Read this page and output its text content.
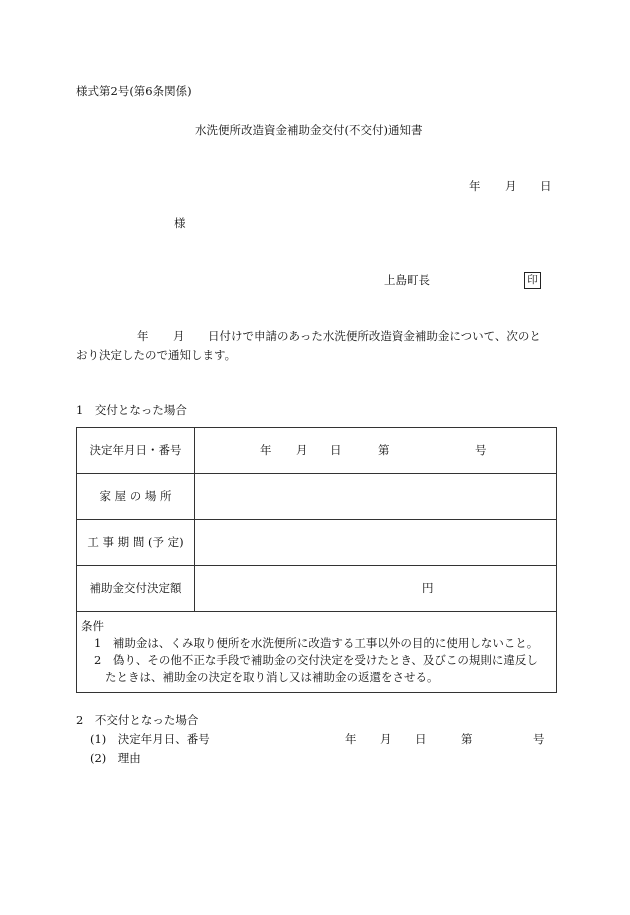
様式第2号(第6条関係)
水洗便所改造資金補助金交付(不交付)通知書
年 月 日
様
上島町長	印
年 月 日付けで申請のあった水洗便所改造資金補助金について、次のと
おり決定したので通知します。
1　交付となった場合
決定年月日・番号	年 月 日	第	号
家 屋 の 場 所
工 事 期 間 (予 定)
補助金交付決定額	円
条件
1　補助金は、くみ取り便所を水洗便所に改造する工事以外の目的に使用しないこと。
2　偽り、その他不正な手段で補助金の交付決定を受けたとき、及びこの規則に違反し
たときは、補助金の決定を取り消し又は補助金の返還をさせる。
2　不交付となった場合
(1)　決定年月日、番号	年 月 日	第	号
(2)　理由
